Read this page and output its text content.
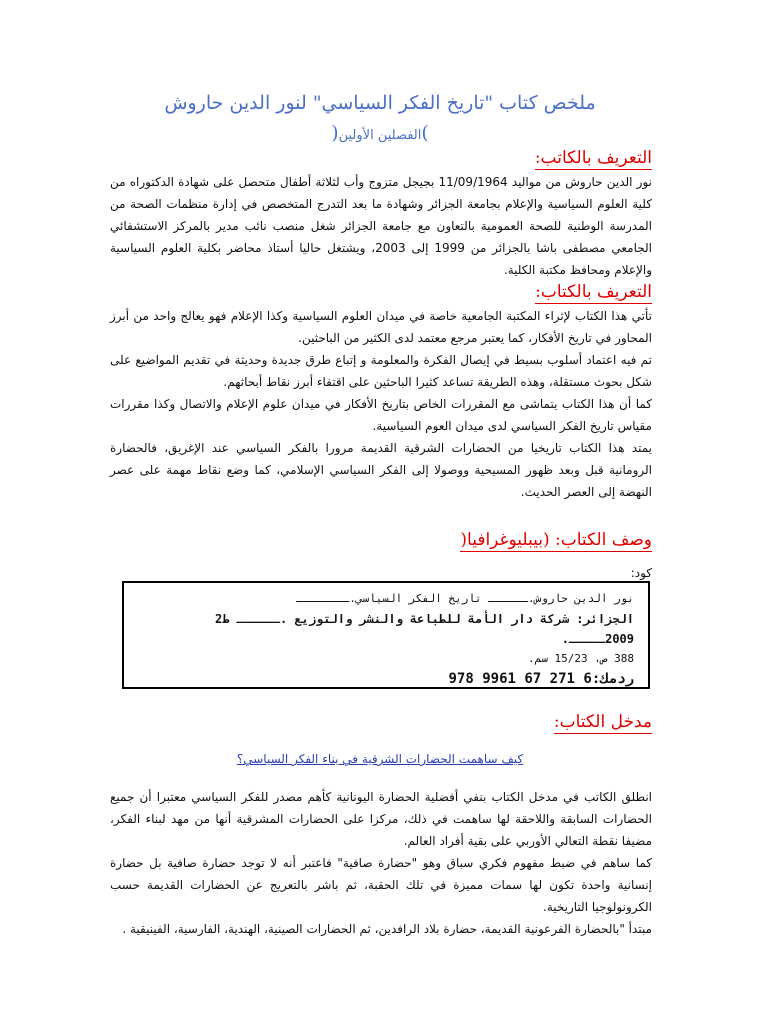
ملخص كتاب "تاريخ الفكر السياسي" لنور الدين حاروش
)الفصلين الأولين(
التعريف بالكاتب:

نور الدين حاروش من مواليد 11/09/1964 بجيجل متزوج وأب لثلاثة أطفال متحصل على شهادة الدكتوراه من كلية العلوم السياسية والإعلام بجامعة الجزائر وشهادة ما بعد التدرج المتخصص في إدارة منظمات الصحة من المدرسة الوطنية للصحة العمومية بالتعاون مع جامعة الجزائر شغل منصب نائب مدير بالمركز الاستشفائي الجامعي مصطفى باشا بالجزائر من 1999 إلى 2003، ويشتغل حاليا أستاذ محاضر بكلية العلوم السياسية والإعلام ومحافظ مكتبة الكلية.

التعريف بالكتاب:

تأتي هذا الكتاب لإثراء المكتبة الجامعية خاصة في ميدان العلوم السياسية وكذا الإعلام فهو يعالج واحد من أبرز المحاور في تاريخ الأفكار، كما يعتبر مرجع معتمد لدى الكثير من الباحثين.

تم فيه اعتماد أسلوب بسيط في إيصال الفكرة والمعلومة و إتباع طرق جديدة وحديثة في تقديم المواضيع على شكل بحوث مستقلة، وهذه الطريقة تساعد كثيرا الباحثين على اقتفاء أبرز نقاط أبحاثهم.

كما أن هذا الكتاب يتماشى مع المقررات الخاص بتاريخ الأفكار في ميدان علوم الإعلام والاتصال وكذا مقررات مقياس تاريخ الفكر السياسي لدى ميدان العوم السياسية.

يمتد هذا الكتاب تاريخيا من الحضارات الشرقية القديمة مرورا بالفكر السياسي عند الإغريق، فالحضارة الرومانية قبل وبعد ظهور المسيحية ووصولا إلى الفكر السياسي الإسلامي، كما وضع نقاط مهمة على عصر النهضة إلى العصر الحديث.

وصف الكتاب: (بيبليوغرافيا(
كود:
نور الدين حاروش.ــــــ تاريخ الفكر السياسي.ــــــــ
الجزائر: شركة دار الأمة للطباعة والنشر والتوزيع .ــــــ ط2
2009ـــــ.
388 ص، 15/23 سم.
ردمك:6 271 67 9961 978
مدخل الكتاب:
كيف ساهمت الحضارات الشرقية في بناء الفكر السياسي؟

انطلق الكاتب في مدخل الكتاب بنفي أفضلية الحضارة اليونانية كأهم مصدر للفكر السياسي معتبرا أن جميع الحضارات السابقة واللاحقة لها ساهمت في ذلك، مركزا على الحضارات المشرقية أنها من مهد لبناء الفكر، مضيفا نقطة التعالي الأوربي على بقية أفراد العالم.

كما ساهم في ضبط مفهوم فكري سباق وهو "حضارة صافية" فاعتبر أنه لا توجد حضارة صافية بل حضارة إنسانية واحدة تكون لها سمات مميزة في تلك الحقبة، ثم باشر بالتعريج عن الحضارات القديمة حسب الكرونولوجيا التاريخية.

مبتدأ "بالحضارة الفرعونية القديمة، حضارة بلاد الرافدين، ثم الحضارات الصينية، الهندية، الفارسية، الفينيقية .
